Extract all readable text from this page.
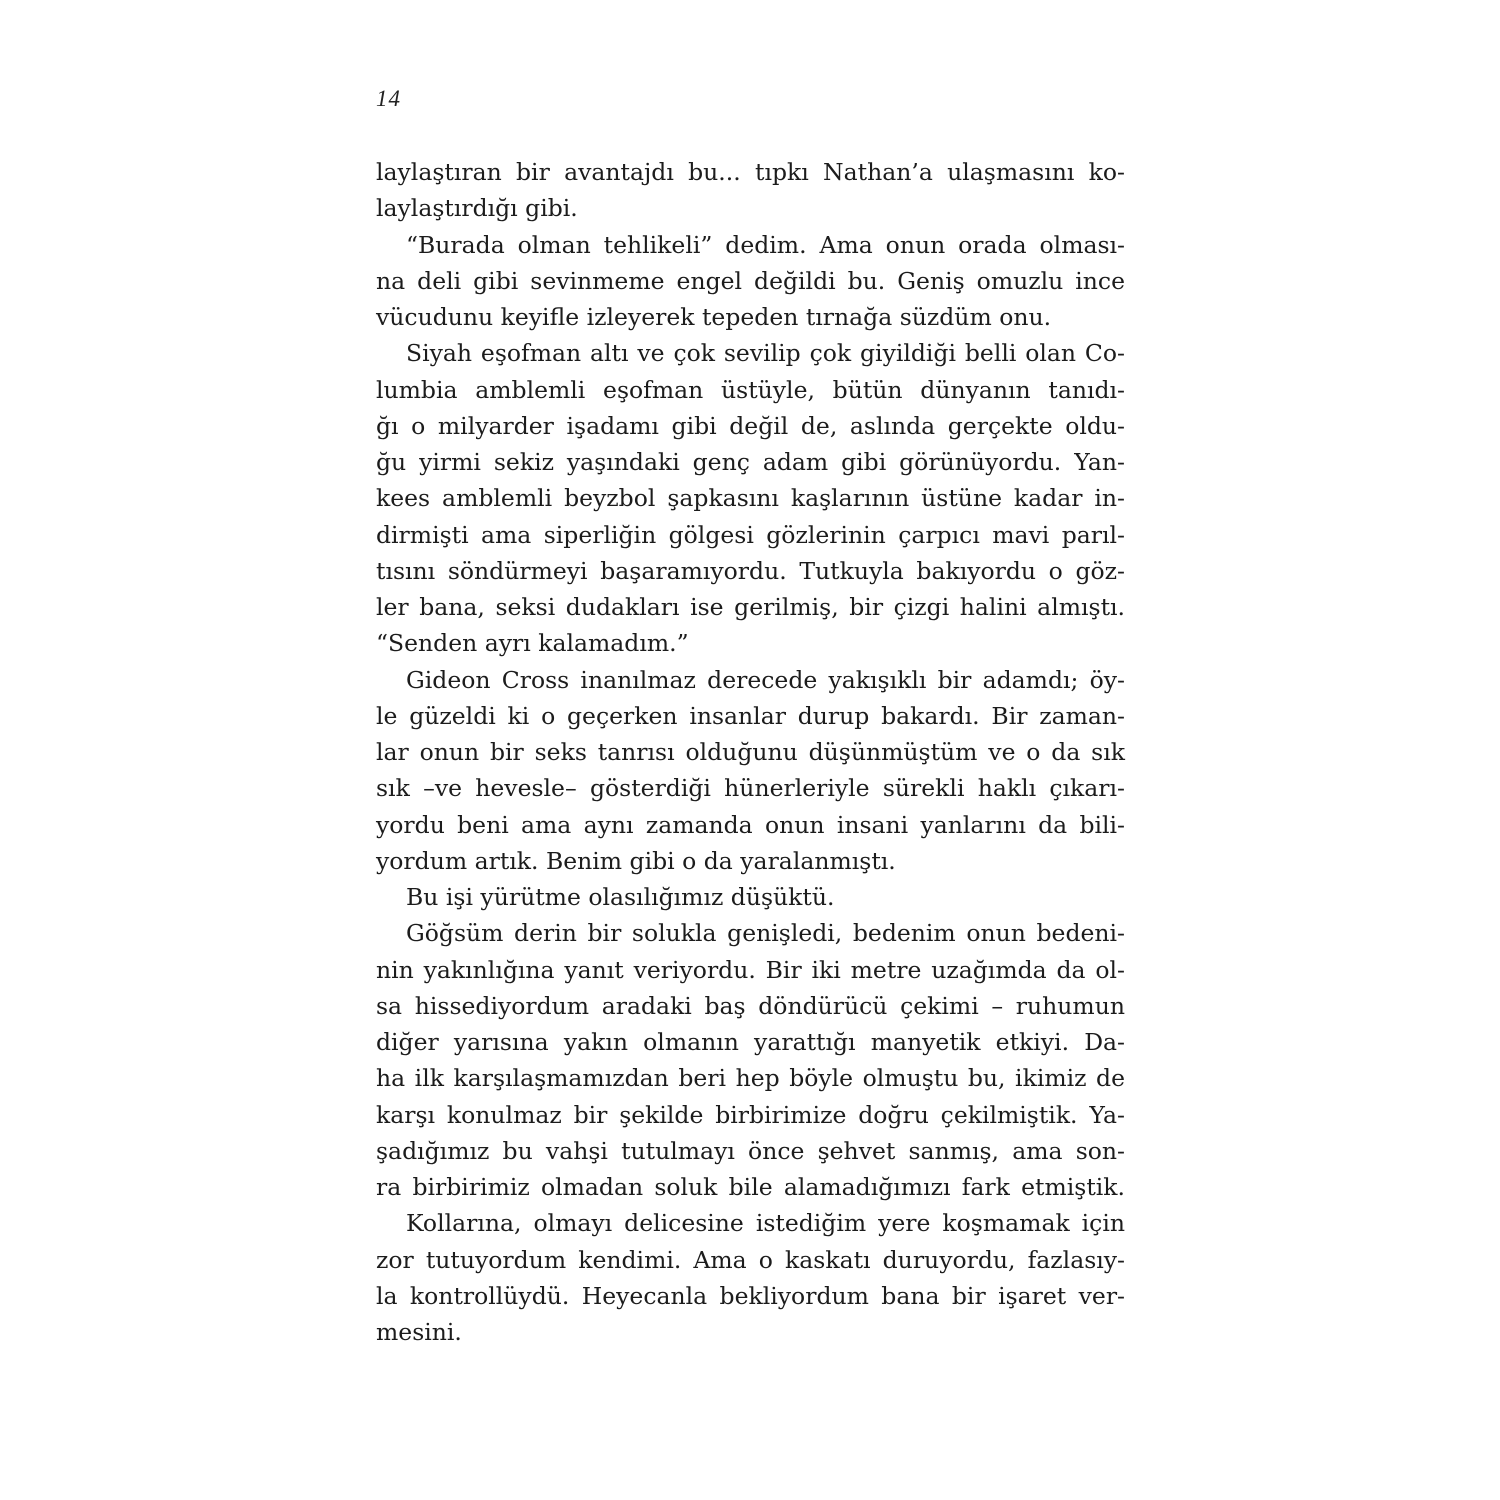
14
laylaştıran bir avantajdı bu... tıpkı Nathan’a ulaşmasını ko-
laylaştırdığı gibi.
“Burada olman tehlikeli” dedim. Ama onun orada olması-
na deli gibi sevinmeme engel değildi bu. Geniş omuzlu ince
vücudunu keyifle izleyerek tepeden tırnağa süzdüm onu.
Siyah eşofman altı ve çok sevilip çok giyildiği belli olan Co-
lumbia amblemli eşofman üstüyle, bütün dünyanın tanıdı-
ğı o milyarder işadamı gibi değil de, aslında gerçekte oldu-
ğu yirmi sekiz yaşındaki genç adam gibi görünüyordu. Yan-
kees amblemli beyzbol şapkasını kaşlarının üstüne kadar in-
dirmişti ama siperliğin gölgesi gözlerinin çarpıcı mavi parıl-
tısını söndürmeyi başaramıyordu. Tutkuyla bakıyordu o göz-
ler bana, seksi dudakları ise gerilmiş, bir çizgi halini almıştı.
“Senden ayrı kalamadım.”
Gideon Cross inanılmaz derecede yakışıklı bir adamdı; öy-
le güzeldi ki o geçerken insanlar durup bakardı. Bir zaman-
lar onun bir seks tanrısı olduğunu düşünmüştüm ve o da sık
sık –ve hevesle– gösterdiği hünerleriyle sürekli haklı çıkarı-
yordu beni ama aynı zamanda onun insani yanlarını da bili-
yordum artık. Benim gibi o da yaralanmıştı.
Bu işi yürütme olasılığımız düşüktü.
Göğsüm derin bir solukla genişledi, bedenim onun bedeni-
nin yakınlığına yanıt veriyordu. Bir iki metre uzağımda da ol-
sa hissediyordum aradaki baş döndürücü çekimi – ruhumun
diğer yarısına yakın olmanın yarattığı manyetik etkiyi. Da-
ha ilk karşılaşmamızdan beri hep böyle olmuştu bu, ikimiz de
karşı konulmaz bir şekilde birbirimize doğru çekilmiştik. Ya-
şadığımız bu vahşi tutulmayı önce şehvet sanmış, ama son-
ra birbirimiz olmadan soluk bile alamadığımızı fark etmiştik.
Kollarına, olmayı delicesine istediğim yere koşmamak için
zor tutuyordum kendimi. Ama o kaskatı duruyordu, fazlasıy-
la kontrollüydü. Heyecanla bekliyordum bana bir işaret ver-
mesini.
